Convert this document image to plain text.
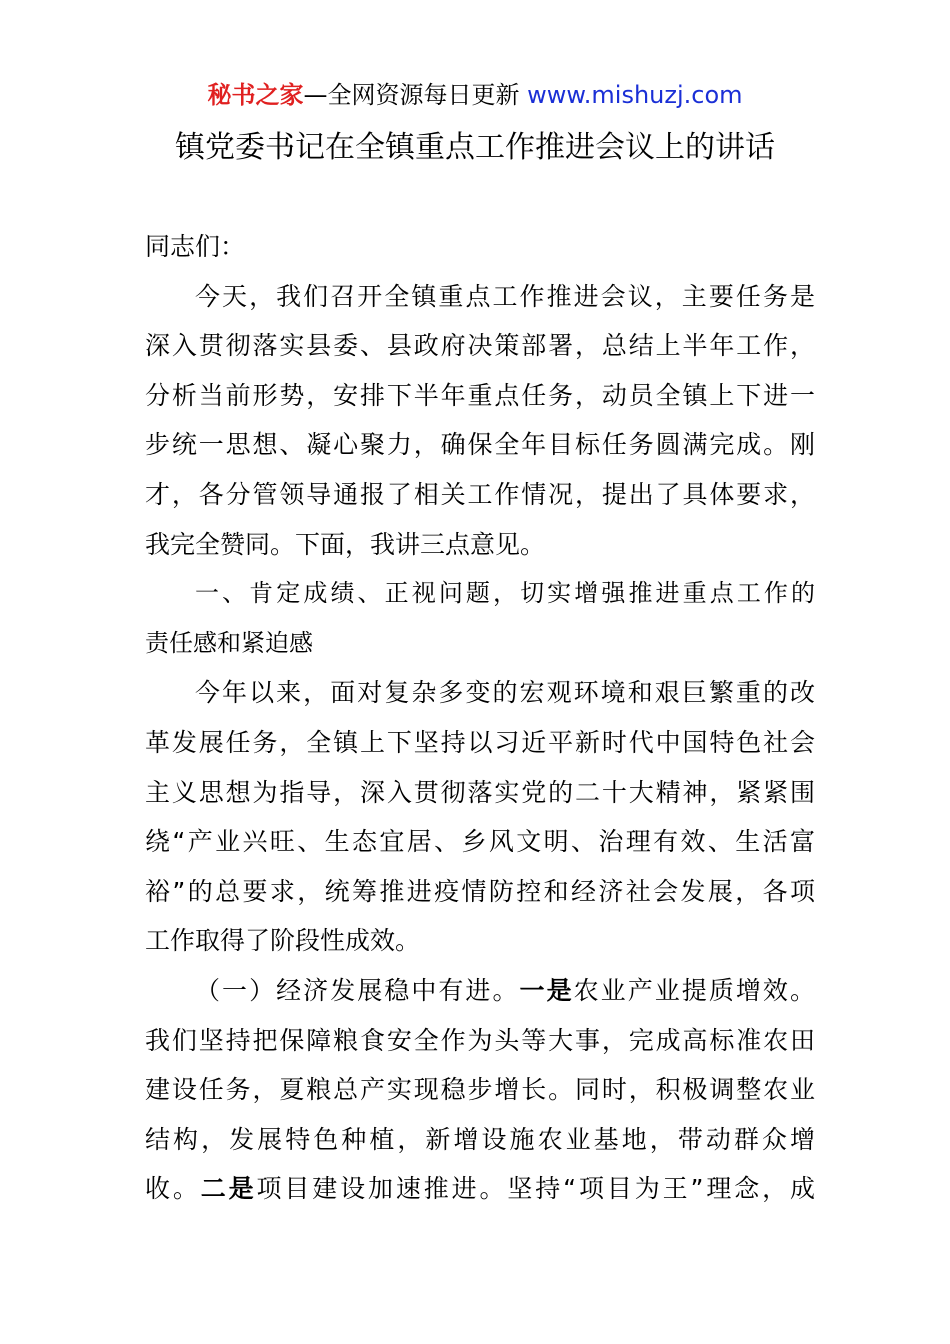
秘书之家—全网资源每日更新 www.mishuzj.com
镇党委书记在全镇重点工作推进会议上的讲话
同志们：
今天，我们召开全镇重点工作推进会议，主要任务是
深入贯彻落实县委、县政府决策部署，总结上半年工作，
分析当前形势，安排下半年重点任务，动员全镇上下进一
步统一思想、凝心聚力，确保全年目标任务圆满完成。刚
才，各分管领导通报了相关工作情况，提出了具体要求，
我完全赞同。下面，我讲三点意见。
一、肯定成绩、正视问题，切实增强推进重点工作的
责任感和紧迫感
今年以来，面对复杂多变的宏观环境和艰巨繁重的改
革发展任务，全镇上下坚持以习近平新时代中国特色社会
主义思想为指导，深入贯彻落实党的二十大精神，紧紧围
绕“产业兴旺、生态宜居、乡风文明、治理有效、生活富
裕”的总要求，统筹推进疫情防控和经济社会发展，各项
工作取得了阶段性成效。
（一）经济发展稳中有进。一是农业产业提质增效。
我们坚持把保障粮食安全作为头等大事，完成高标准农田
建设任务，夏粮总产实现稳步增长。同时，积极调整农业
结构，发展特色种植，新增设施农业基地，带动群众增
收。二是项目建设加速推进。坚持“项目为王”理念，成
